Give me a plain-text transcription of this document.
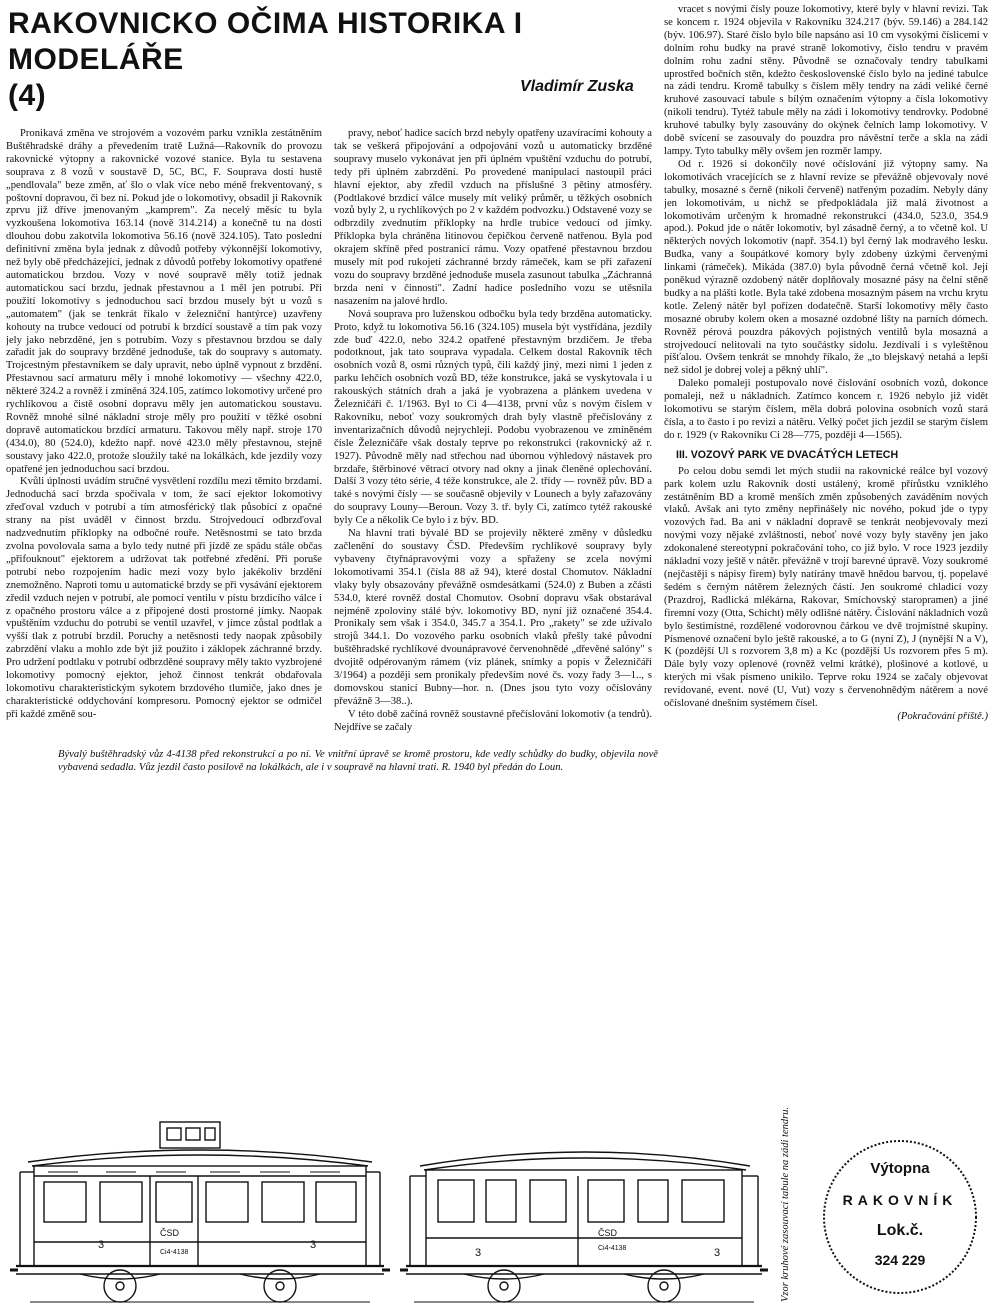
RAKOVNICKO OČIMA HISTORIKA I MODELÁŘE
(4)	Vladimír Zuska

Pronikavá změna ve strojovém a vozovém parku vznikla zestátněním Buštěhradské dráhy a převedením tratě Lužná—Rakovník do provozu rakovnické výtopny a rakovnické vozové stanice. Byla tu sestavena souprava z 8 vozů v soustavě D, 5C, BC, F. Souprava dosti hustě „pendlovala" beze změn, ať šlo o vlak více nebo méně frekventovaný, s poštovní dopravou, či bez ní. Pokud jde o lokomotivy, obsadil ji Rakovník zprvu již dříve jmenovaným „kamprem". Za necelý měsíc tu byla vyzkoušena lokomotiva 163.14 (nově 314.214) a konečně tu na dosti dlouhou dobu zakotvila lokomotiva 56.16 (nově 324.105). Tato poslední definitivní změna byla jednak z důvodů potřeby výkonnější lokomotivy, než byly obě předcházející, jednak z důvodů potřeby lokomotivy opatřené automatickou brzdou. Vozy v nové soupravě měly totiž jednak automatickou sací brzdu, jednak přestavnou a 1 měl jen potrubí. Při použití lokomotivy s jednoduchou sací brzdou musely být u vozů s „automatem" (jak se tenkrát říkalo v železniční hantýrce) uzavřeny kohouty na trubce vedoucí od potrubí k brzdící soustavě a tím pak vozy jely jako nebrzděné, jen s potrubím. Vozy s přestavnou brzdou se daly zařadit jak do soupravy brzděné jednoduše, tak do soupravy s automaty. Trojcestným přestavníkem se daly upravit, nebo úplně vypnout z brzdění. Přestavnou sací armaturu měly i mnohé lokomotivy — všechny 422.0, některé 324.2 a rovněž i zmíněná 324.105, zatímco lokomotivy určené pro rychlíkovou a čistě osobní dopravu měly jen automatickou soustavu. Rovněž mnohé silné nákladní stroje měly pro použití v těžké osobní dopravě automatickou brzdící armaturu. Takovou měly např. stroje 170 (434.0), 80 (524.0), kdežto např. nové 423.0 měly přestavnou, stejně soustavy jako 422.0, protože sloužily také na lokálkách, kde jezdily vozy opatřené jen jednoduchou sací brzdou.

Kvůli úplnosti uvádím stručné vysvětlení rozdílu mezi těmito brzdami. Jednoduchá sací brzda spočívala v tom, že sací ejektor lokomotivy zřeďoval vzduch v potrubí a tím atmosférický tlak působící z opačné strany na píst uváděl v činnost brzdu. Strojvedoucí odbrzďoval nadzvednutím příklopky na odbočné rouře. Netěsnostmi se tato brzda zvolna povolovala sama a bylo tedy nutné při jízdě ze spádu stále občas „přifouknout" ejektorem a udržovat tak potřebné zředění. Při poruše potrubí nebo rozpojením hadic mezi vozy bylo jakékoliv brzdění znemožněno. Naproti tomu u automatické brzdy se při vysávání ejektorem zředil vzduch nejen v potrubí, ale pomocí ventilu v pístu brzdicího válce i z opačného prostoru válce a z připojené dosti prostorné jímky. Naopak vpuštěním vzduchu do potrubí se ventil uzavřel, v jímce zůstal podtlak a vyšší tlak z potrubí brzdil. Poruchy a netěsnosti tedy naopak způsobily zabrzdění vlaku a mohlo zde být již použito i záklopek záchranné brzdy. Pro udržení podtlaku v potrubí odbrzděné soupravy měly takto vyzbrojené lokomotivy pomocný ejektor, jehož činnost tenkrát obdařovala lokomotivu charakteristickým sykotem brzdového tlumiče, jako dnes je charakteristické oddychování kompresoru. Pomocný ejektor se odmičel při každé změně sou-

pravy, neboť hadice sacích brzd nebyly opatřeny uzavíracími kohouty a tak se veškerá připojování a odpojování vozů u automaticky brzděné soupravy muselo vykonávat jen při úplném vpuštění vzduchu do potrubí, tedy při úplném zabrzdění. Po provedené manipulaci nastoupil práci hlavní ejektor, aby zředil vzduch na příslušné 3 pětiny atmosféry. (Podtlakové brzdicí válce musely mít veliký průměr, u těžkých osobních vozů byly 2, u rychlíkových po 2 v každém podvozku.) Odstavené vozy se odbrzdily zvednutím příklopky na hrdle trubice vedoucí od jímky. Příklopka byla chráněna litinovou čepičkou červeně natřenou. Byla pod okrajem skříně před postranicí rámu. Vozy opatřené přestavnou brzdou musely mít pod rukojetí záchranné brzdy rámeček, kam se při zařazení vozu do soupravy brzděné jednoduše musela zasunout tabulka „Záchranná brzda není v činnosti". Zadní hadice posledního vozu se utěsnila nasazením na jalové hrdlo.

Nová souprava pro luženskou odbočku byla tedy brzděna automaticky. Proto, když tu lokomotiva 56.16 (324.105) musela být vystřídána, jezdily zde buď 422.0, nebo 324.2 opatřené přestavným brzdičem. Je třeba podotknout, jak tato souprava vypadala. Celkem dostal Rakovník těch osobních vozů 8, osmi různých typů, čili každý jiný, mezi nimi 1 jeden z parku lehčích osobních vozů BD, téže konstrukce, jaká se vyskytovala i u rakouských státních drah a jaká je vyobrazena a plánkem uvedena v Železničáři č. 1/1963. Byl to Ci 4—4138, první vůz s novým číslem v Rakovníku, neboť vozy soukromých drah byly vlastně přečíslovány z inventarizačních důvodů nejrychleji. Podobu vyobrazenou ve zmíněném čísle Železničáře však dostaly teprve po rekonstrukci (rakovnický až r. 1927). Původně měly nad střechou nad úbornou výhledový nástavek pro brzdaře, štěrbinové větrací otvory nad okny a jinak členěné oplechování. Další 3 vozy této série, 4 téže konstrukce, ale 2. třídy — rovněž pův. BD a také s novými čísly — se současně objevily v Lounech a byly zařazovány do soupravy Louny—Beroun. Vozy 3. tř. byly Ci, zatímco tytéž rakouské byly Ce a několik Ce bylo i z býv. BD.

Na hlavní trati bývalé BD se projevily některé změny v důsledku začlenění do soustavy ČSD. Především rychlíkové soupravy byly vybaveny čtyřnápravovými vozy a spřaženy se zcela novými lokomotivami 354.1 (čísla 88 až 94), které dostal Chomutov. Nákladní vlaky byly obsazovány převážně osmdesátkami (524.0) z Buben a zčásti 534.0, které rovněž dostal Chomutov. Osobní dopravu však obstarával nejméně zpoloviny stálé býv. lokomotivy BD, nyní již označené 354.4. Pronikaly sem však i 354.0, 345.7 a 354.1. Pro „rakety" se zde užívalo strojů 344.1. Do vozového parku osobních vlaků přešly také původní buštěhradské rychlíkové dvounápravové červenohnědé „dřevěné salóny" s dvojitě odpérovaným rámem (viz plánek, snímky a popis v Železničáři 3/1964) a později sem pronikaly především nové čs. vozy řady 3—1.., s domovskou stanicí Bubny—hor. n. (Dnes jsou tyto vozy očíslovány převážně 3—38..).

V této době začíná rovněž soustavné přečíslování lokomotiv (a tendrů). Nejdříve se začaly

vracet s novými čísly pouze lokomotivy, které byly v hlavní revizi. Tak se koncem r. 1924 objevila v Rakovníku 324.217 (býv. 59.146) a 284.142 (býv. 106.97). Staré číslo bylo bíle napsáno asi 10 cm vysokými číslicemi v dolním rohu budky na pravé straně lokomotivy, číslo tendru v pravém dolním rohu zadní stěny. Původně se označovaly tendry tabulkami uprostřed bočních stěn, kdežto československé číslo bylo na jediné tabulce na zádi tendru. Kromě tabulky s číslem měly tendry na zádi veliké černé kruhové zasouvací tabule s bílým označením výtopny a čísla lokomotivy (nikoli tendru). Tytéž tabule měly na zádi i lokomotivy tendrovky. Podobné kruhové tabulky byly zasouvány do okýnek čelních lamp lokomotivy. V době svícení se zasouvaly do pouzdra pro návěstní terče a skla na zádi lampy. Tyto tabulky měly ovšem jen rozměr lampy.

Od r. 1926 si dokončily nové očíslování již výtopny samy. Na lokomotivách vracejících se z hlavní revize se převážně objevovaly nové tabulky, mosazné s černě (nikoli červeně) natřeným pozadím. Nebyly dány jen lokomotivám, u nichž se předpokládala již malá životnost a lokomotivám určeným k hromadné rekonstrukci (434.0, 523.0, 354.9 apod.). Pokud jde o nátěr lokomotiv, byl zásadně černý, a to včetně kol. U některých nových lokomotiv (např. 354.1) byl černý lak modravého lesku. Budka, vany a šoupátkové komory byly zdobeny úzkými červenými linkami (rámeček). Mikáda (387.0) byla původně černá včetně kol. Její poněkud výrazně ozdobený nátěr doplňovaly mosazné pásy na čelní stěně budky a na plášti kotle. Byla také zdobena mosazným pásem na vrchu krytu kotle. Zelený nátěr byl pořízen dodatečně. Starší lokomotivy měly často mosazné obruby kolem oken a mosazné ozdobné lišty na parních dómech. Rovněž pérová pouzdra pákových pojistných ventilů byla mosazná a strojvedoucí nelitovali na tyto součástky sidolu. Jezdívali i s vyleštěnou píšťalou. Ovšem tenkrát se mnohdy říkalo, že „to blejskavý netahá a lepší než sidol je dobrej volej a pěkný uhlí".

Daleko pomaleji postupovalo nové číslování osobních vozů, dokonce pomaleji, než u nákladních. Zatímco koncem r. 1926 nebylo již vidět lokomotivu se starým číslem, měla dobrá polovina osobních vozů stará čísla, a to často i po revizi a nátěru. Velký počet jich jezdil se starým číslem do r. 1929 (v Rakovníku Ci 28—775, později 4—1565).

III. VOZOVÝ PARK VE DVACÁTÝCH LETECH

Po celou dobu semdi let mých studií na rakovnické reálce byl vozový park kolem uzlu Rakovník dosti ustálený, kromě přírůstku vzniklého zestátněním BD a kromě menších změn způsobených zaváděním nových vlaků. Avšak ani tyto změny nepřinášely nic nového, pokud jde o typy vozových řad. Ba ani v nákladní dopravě se tenkrát neobjevovaly mezi novými vozy nějaké zvláštnosti, neboť nové vozy byly stavěny jen jako zdokonalené stereotypní pokračování toho, co již bylo. V roce 1923 jezdily nákladní vozy ještě v nátěr. převážně v trojí barevné úpravě. Vozy soukromé (nejčastěji s nápisy firem) byly natírány tmavě hnědou barvou, tj. popelavé šedém s černým nátěrem železných částí. Jen soukromé chladicí vozy (Prazdroj, Radlická mlékárna, Rakovar, Smíchovský staropramen) a jiné firemní vozy (Otta, Schicht) měly odlišné nátěry. Číslování nákladních vozů bylo šestimístné, rozdělené vodorovnou čárkou ve dvě trojmístné skupiny. Písmenové označení bylo ještě rakouské, a to G (nyní Z), J (nynější N a V), K (pozdější Ul s rozvorem 3,8 m) a Kc (pozdější Us rozvorem přes 5 m). Dále byly vozy oplenové (rovněž velmi krátké), plošinové a kotlové, u kterých mi však písmeno unikilo. Teprve roku 1924 se začaly objevovat revidované, event. nové (U, Vut) vozy s červenohnědým nátěrem a nové očíslované dnešním systémem čísel.

(Pokračování příště.)

Bývalý buštěhradský vůz 4-4138 před rekonstrukcí a po ní. Ve vnitřní úpravě se kromě prostoru, kde vedly schůdky do budky, objevila nově vybavená sedadla. Vůz jezdil často posilově na lokálkách, ale i v soupravě na hlavní trati. R. 1940 byl předán do Loun.
3	3
ČSD
Ci4-4138	3	3
ČSD
Ci4-4138	Vzor kruhové zasouvací tabule na zádi tendru.	Výtopna
RAKOVNÍK
Lok.č.
324 229
